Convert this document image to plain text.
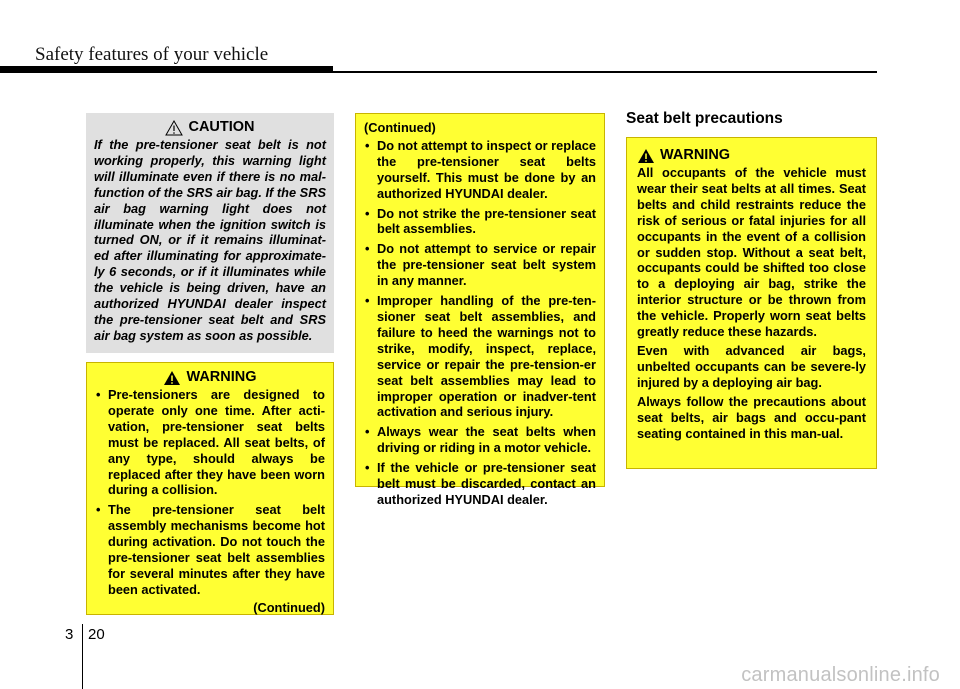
Safety features of your vehicle
CAUTION
If the pre-tensioner seat belt is not working properly, this warning light will illuminate even if there is no mal-function of the SRS air bag. If the SRS air bag warning light does not illuminate when the ignition switch is turned ON, or if it remains illuminat-ed after illuminating for approximate-ly 6 seconds, or if it illuminates while the vehicle is being driven, have an authorized HYUNDAI dealer inspect the pre-tensioner seat belt and SRS air bag system as soon as possible.
WARNING
• Pre-tensioners are designed to operate only one time. After acti-vation, pre-tensioner seat belts must be replaced. All seat belts, of any type, should always be replaced after they have been worn during a collision.
• The pre-tensioner seat belt assembly mechanisms become hot during activation. Do not touch the pre-tensioner seat belt assemblies for several minutes after they have been activated.
(Continued)
(Continued)
• Do not attempt to inspect or replace the pre-tensioner seat belts yourself. This must be done by an authorized HYUNDAI dealer.
• Do not strike the pre-tensioner seat belt assemblies.
• Do not attempt to service or repair the pre-tensioner seat belt system in any manner.
• Improper handling of the pre-ten-sioner seat belt assemblies, and failure to heed the warnings not to strike, modify, inspect, replace, service or repair the pre-tension-er seat belt assemblies may lead to improper operation or inadver-tent activation and serious injury.
• Always wear the seat belts when driving or riding in a motor vehicle.
• If the vehicle or pre-tensioner seat belt must be discarded, contact an authorized HYUNDAI dealer.
Seat belt precautions
WARNING

All occupants of the vehicle must wear their seat belts at all times. Seat belts and child restraints reduce the risk of serious or fatal injuries for all occupants in the event of a collision or sudden stop. Without a seat belt, occupants could be shifted too close to a deploying air bag, strike the interior structure or be thrown from the vehicle. Properly worn seat belts greatly reduce these hazards.

Even with advanced air bags, unbelted occupants can be severe-ly injured by a deploying air bag.

Always follow the precautions about seat belts, air bags and occu-pant seating contained in this man-ual.

3 20
carmanualsonline.info
